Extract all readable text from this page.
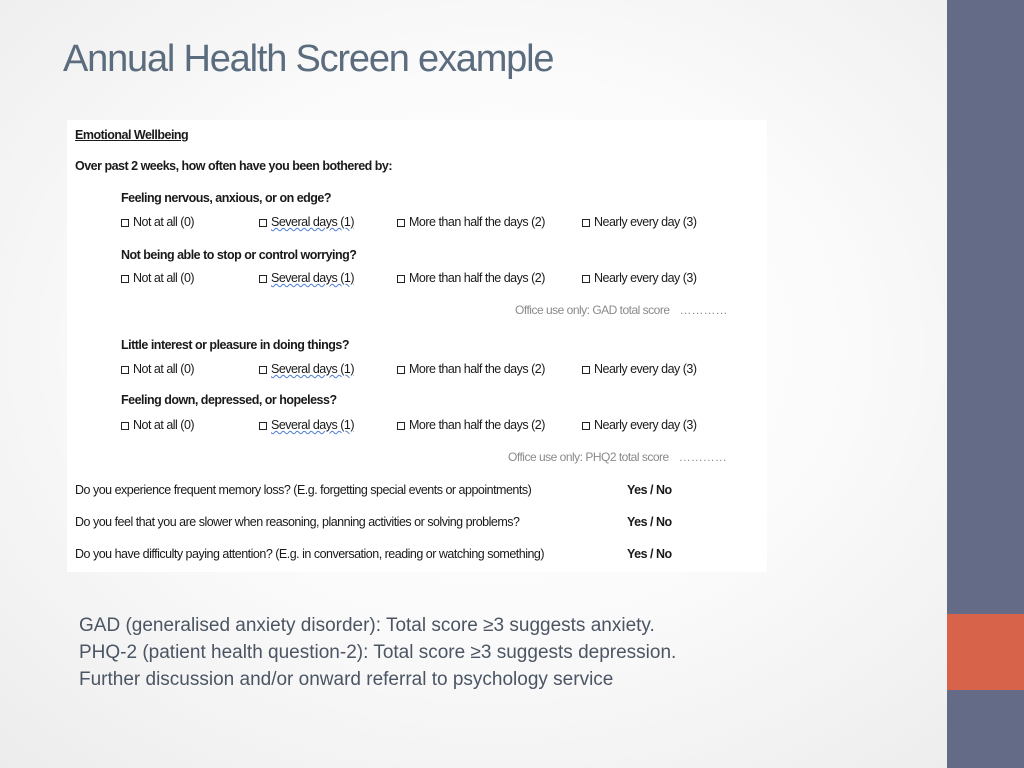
Annual Health Screen example
Emotional Wellbeing
Over past 2 weeks, how often have you been bothered by:
Feeling nervous, anxious, or on edge?
Not at all (0)	Several days (1)	More than half the days (2)	Nearly every day (3)
Not being able to stop or control worrying?
Not at all (0)	Several days (1)	More than half the days (2)	Nearly every day (3)
Office use only: GAD total score …………
Little interest or pleasure in doing things?
Not at all (0)	Several days (1)	More than half the days (2)	Nearly every day (3)
Feeling down, depressed, or hopeless?
Not at all (0)	Several days (1)	More than half the days (2)	Nearly every day (3)
Office use only: PHQ2 total score …………
Do you experience frequent memory loss? (E.g. forgetting special events or appointments)	Yes / No
Do you feel that you are slower when reasoning, planning activities or solving problems?	Yes / No
Do you have difficulty paying attention? (E.g. in conversation, reading or watching something)	Yes / No

GAD (generalised anxiety disorder): Total score ≥3 suggests anxiety.

PHQ-2 (patient health question-2): Total score ≥3 suggests depression.

Further discussion and/or onward referral to psychology service
